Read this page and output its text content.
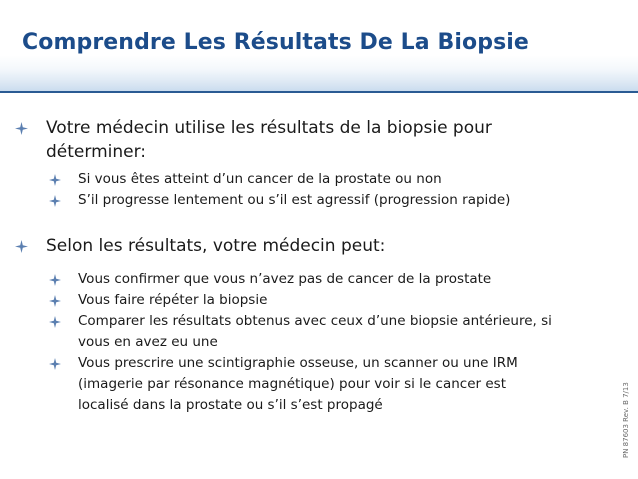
Comprendre Les Résultats De La Biopsie
Votre médecin utilise les résultats de la biopsie pour
déterminer:
Si vous êtes atteint d’un cancer de la prostate ou non
S’il progresse lentement ou s’il est agressif (progression rapide)
Selon les résultats, votre médecin peut:
Vous confirmer que vous n’avez pas de cancer de la prostate
Vous faire répéter la biopsie
Comparer les résultats obtenus avec ceux d’une biopsie antérieure, si
vous en avez eu une
Vous prescrire une scintigraphie osseuse, un scanner ou une IRM
(imagerie par résonance magnétique) pour voir si le cancer est
localisé dans la prostate ou s’il s’est propagé	PN 87603 Rev. B 7/13
